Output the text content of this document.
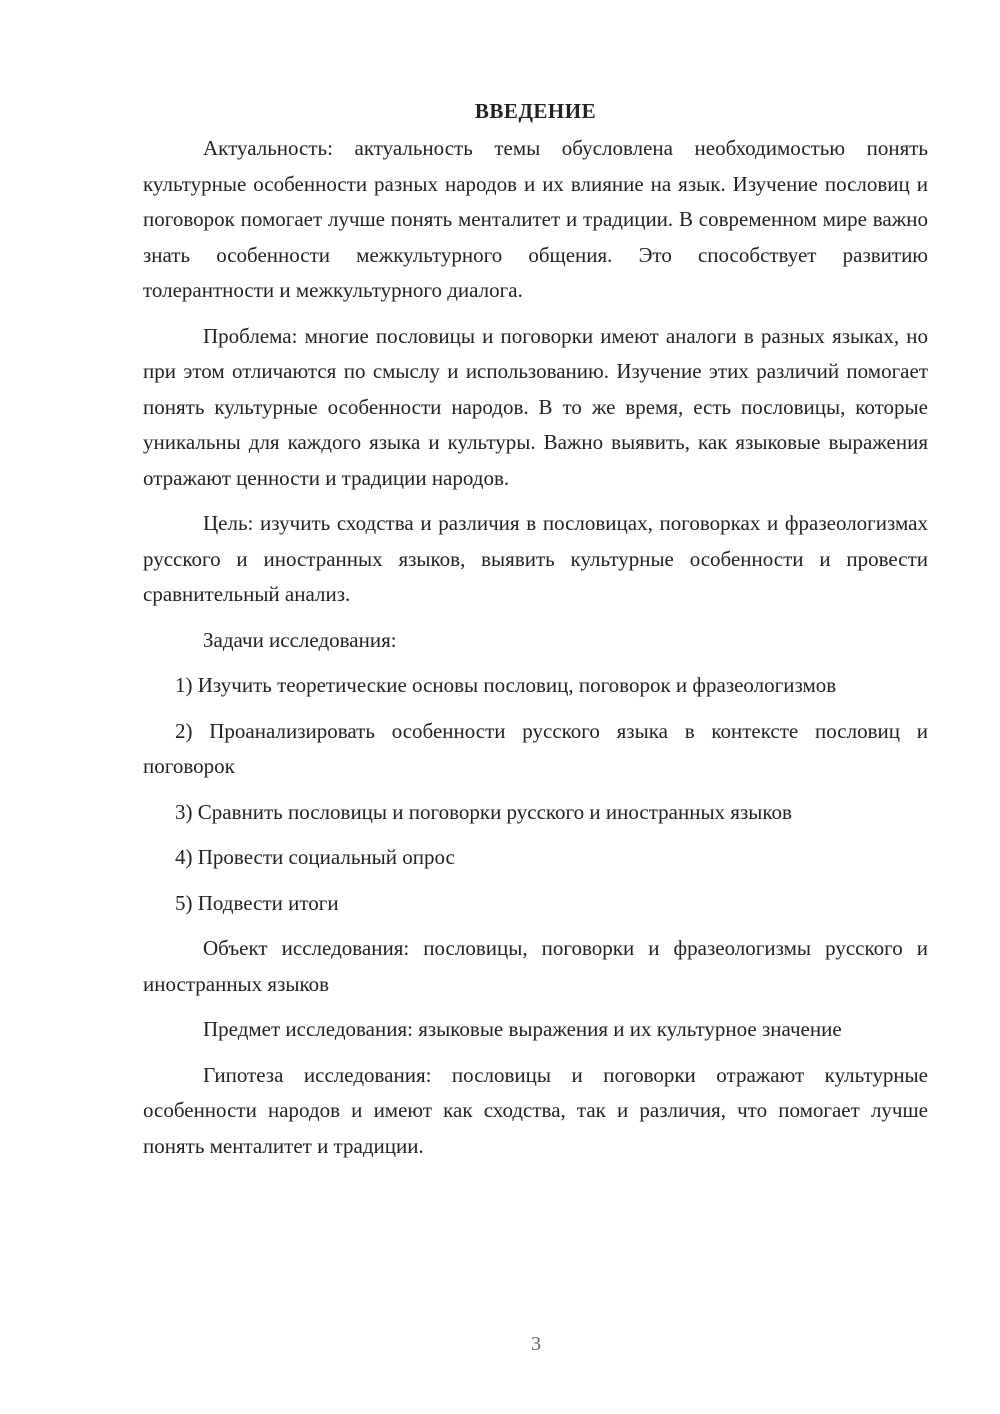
ВВЕДЕНИЕ

Актуальность: актуальность темы обусловлена необходимостью понять культурные особенности разных народов и их влияние на язык. Изучение пословиц и поговорок помогает лучше понять менталитет и традиции. В современном мире важно знать особенности межкультурного общения. Это способствует развитию толерантности и межкультурного диалога.

Проблема: многие пословицы и поговорки имеют аналоги в разных языках, но при этом отличаются по смыслу и использованию. Изучение этих различий помогает понять культурные особенности народов. В то же время, есть пословицы, которые уникальны для каждого языка и культуры. Важно выявить, как языковые выражения отражают ценности и традиции народов.

Цель: изучить сходства и различия в пословицах, поговорках и фразеологизмах русского и иностранных языков, выявить культурные особенности и провести сравнительный анализ.

Задачи исследования:

1) Изучить теоретические основы пословиц, поговорок и фразеологизмов

2) Проанализировать особенности русского языка в контексте пословиц и поговорок

3) Сравнить пословицы и поговорки русского и иностранных языков

4) Провести социальный опрос

5) Подвести итоги

Объект исследования: пословицы, поговорки и фразеологизмы русского и иностранных языков

Предмет исследования: языковые выражения и их культурное значение

Гипотеза исследования: пословицы и поговорки отражают культурные особенности народов и имеют как сходства, так и различия, что помогает лучше понять менталитет и традиции.

3
